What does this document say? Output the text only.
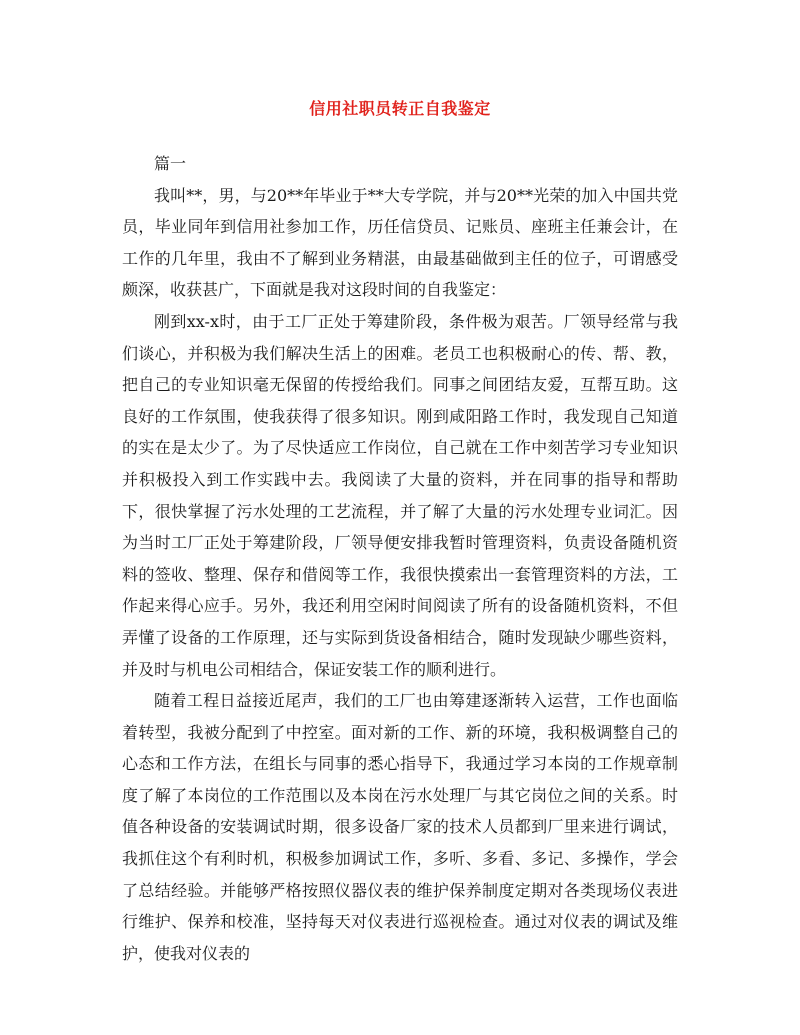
信用社职员转正自我鉴定

篇一

我叫**，男，与20**年毕业于**大专学院，并与20**光荣的加入中国共党员，毕业同年到信用社参加工作，历任信贷员、记账员、座班主任兼会计，在工作的几年里，我由不了解到业务精湛，由最基础做到主任的位子，可谓感受颇深，收获甚广，下面就是我对这段时间的自我鉴定：

刚到xx-x时，由于工厂正处于筹建阶段，条件极为艰苦。厂领导经常与我们谈心，并积极为我们解决生活上的困难。老员工也积极耐心的传、帮、教，把自己的专业知识毫无保留的传授给我们。同事之间团结友爱，互帮互助。这良好的工作氛围，使我获得了很多知识。刚到咸阳路工作时，我发现自己知道的实在是太少了。为了尽快适应工作岗位，自己就在工作中刻苦学习专业知识并积极投入到工作实践中去。我阅读了大量的资料，并在同事的指导和帮助下，很快掌握了污水处理的工艺流程，并了解了大量的污水处理专业词汇。因为当时工厂正处于筹建阶段，厂领导便安排我暂时管理资料，负责设备随机资料的签收、整理、保存和借阅等工作，我很快摸索出一套管理资料的方法，工作起来得心应手。另外，我还利用空闲时间阅读了所有的设备随机资料，不但弄懂了设备的工作原理，还与实际到货设备相结合，随时发现缺少哪些资料，并及时与机电公司相结合，保证安装工作的顺利进行。

随着工程日益接近尾声，我们的工厂也由筹建逐渐转入运营，工作也面临着转型，我被分配到了中控室。面对新的工作、新的环境，我积极调整自己的心态和工作方法，在组长与同事的悉心指导下，我通过学习本岗的工作规章制度了解了本岗位的工作范围以及本岗在污水处理厂与其它岗位之间的关系。时值各种设备的安装调试时期，很多设备厂家的技术人员都到厂里来进行调试，我抓住这个有利时机，积极参加调试工作，多听、多看、多记、多操作，学会了总结经验。并能够严格按照仪器仪表的维护保养制度定期对各类现场仪表进行维护、保养和校准，坚持每天对仪表进行巡视检查。通过对仪表的调试及维护，使我对仪表的
